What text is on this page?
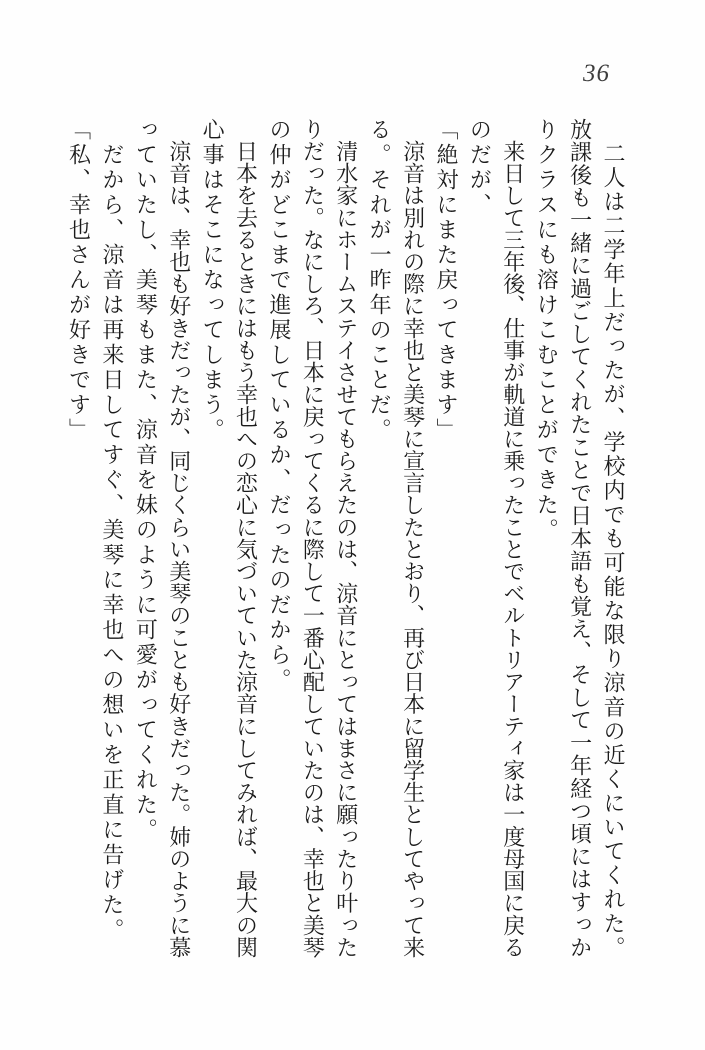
36
　二人は二学年上だったが、学校内でも可能な限り涼音の近くにいてくれた。
放課後も一緒に過ごしてくれたことで日本語も覚え、そして一年経つ頃にはすっか
りクラスにも溶けこむことができた。
　来日して三年後、仕事が軌道に乗ったことでベルトリアーティ家は一度母国に戻る
のだが、
「絶対にまた戻ってきます」
　涼音は別れの際に幸也と美琴に宣言したとおり、再び日本に留学生としてやって来
る。それが一昨年のことだ。
　清水家にホームステイさせてもらえたのは、涼音にとってはまさに願ったり叶った
りだった。なにしろ、日本に戻ってくるに際して一番心配していたのは、幸也と美琴
の仲がどこまで進展しているか、だったのだから。
　日本を去るときにはもう幸也への恋心に気づいていた涼音にしてみれば、最大の関
心事はそこになってしまう。
　涼音は、幸也も好きだったが、同じくらい美琴のことも好きだった。姉のように慕
っていたし、美琴もまた、涼音を妹のように可愛がってくれた。
　だから、涼音は再来日してすぐ、美琴に幸也への想いを正直に告げた。
「私、幸也さんが好きです」
